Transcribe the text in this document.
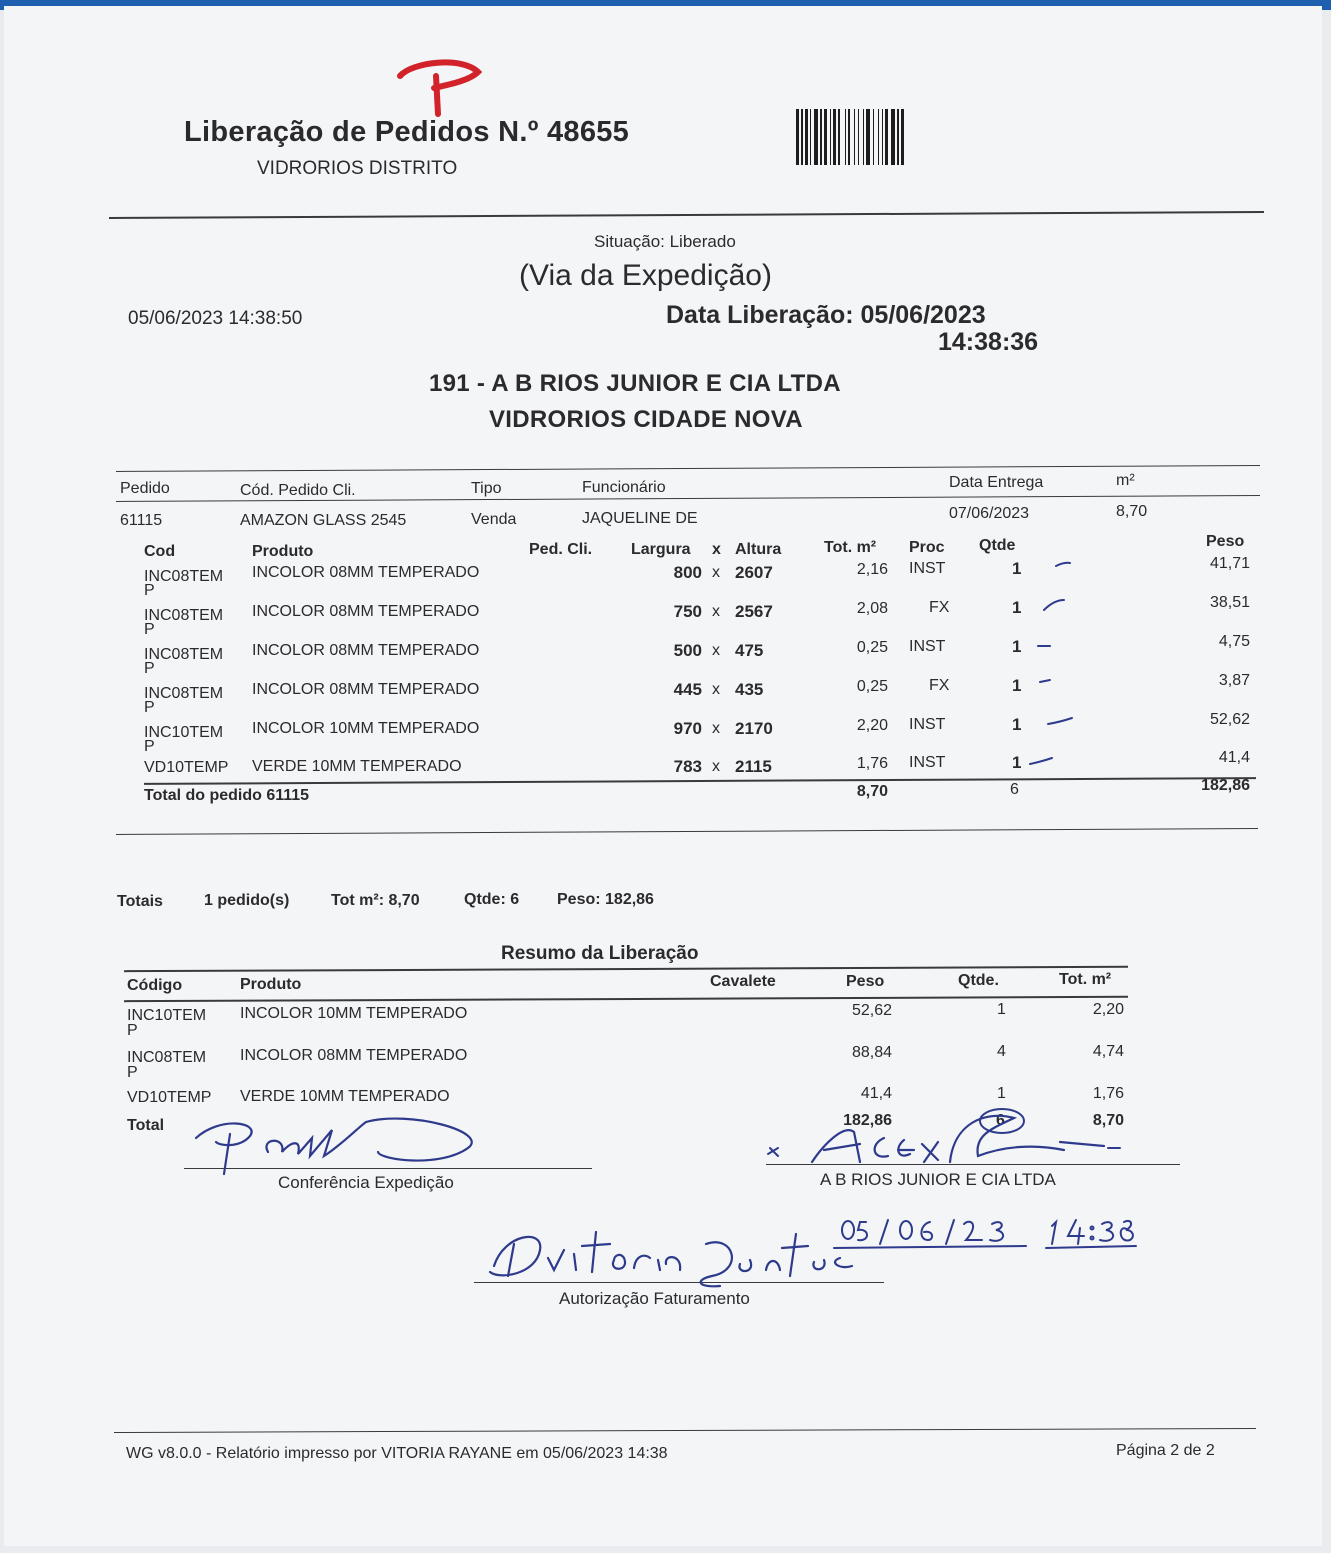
Liberação de Pedidos N.º 48655
VIDRORIOS DISTRITO
Situação: Liberado
(Via da Expedição)
05/06/2023 14:38:50	Data Liberação: 05/06/2023
14:38:36
191 - A B RIOS JUNIOR E CIA LTDA
VIDRORIOS CIDADE NOVA
Pedido	Cód. Pedido Cli.	Tipo	Funcionário	Data Entrega	m²
61115	AMAZON GLASS 2545	Venda	JAQUELINE DE	07/06/2023	8,70
Cod	Produto	Ped. Cli. Largura x Altura	Tot. m² Proc Qtde	Peso
INC08TEM
P
INCOLOR 08MM TEMPERADO	800 x 2607	2,16 INST	1	41,71
INC08TEM
P
INCOLOR 08MM TEMPERADO	750 x 2567	2,08	FX	1	38,51
INC08TEM
P
INCOLOR 08MM TEMPERADO	500 x 475	0,25 INST	1	4,75
INC08TEM
P
INCOLOR 08MM TEMPERADO	445 x 435	0,25	FX	1	3,87
INC10TEM
P
INCOLOR 10MM TEMPERADO	970 x 2170	2,20 INST	1	52,62
VD10TEMP VERDE 10MM TEMPERADO	783 x 2115	1,76 INST	1	41,4
Total do pedido 61115	8,70	6	182,86
Totais	1 pedido(s)	Tot m²: 8,70	Qtde: 6 Peso: 182,86
Resumo da Liberação
Código	Produto	Cavalete	Peso	Qtde.	Tot. m²
INC10TEM
P
INCOLOR 10MM TEMPERADO	52,62	1	2,20
INC08TEM
P
INCOLOR 08MM TEMPERADO	88,84	4	4,74
VD10TEMP VERDE 10MM TEMPERADO	41,4	1	1,76
Total	182,86	6	8,70
Conferência Expedição	A B RIOS JUNIOR E CIA LTDA
Autorização Faturamento
WG v8.0.0 - Relatório impresso por VITORIA RAYANE em 05/06/2023 14:38	Página 2 de 2
